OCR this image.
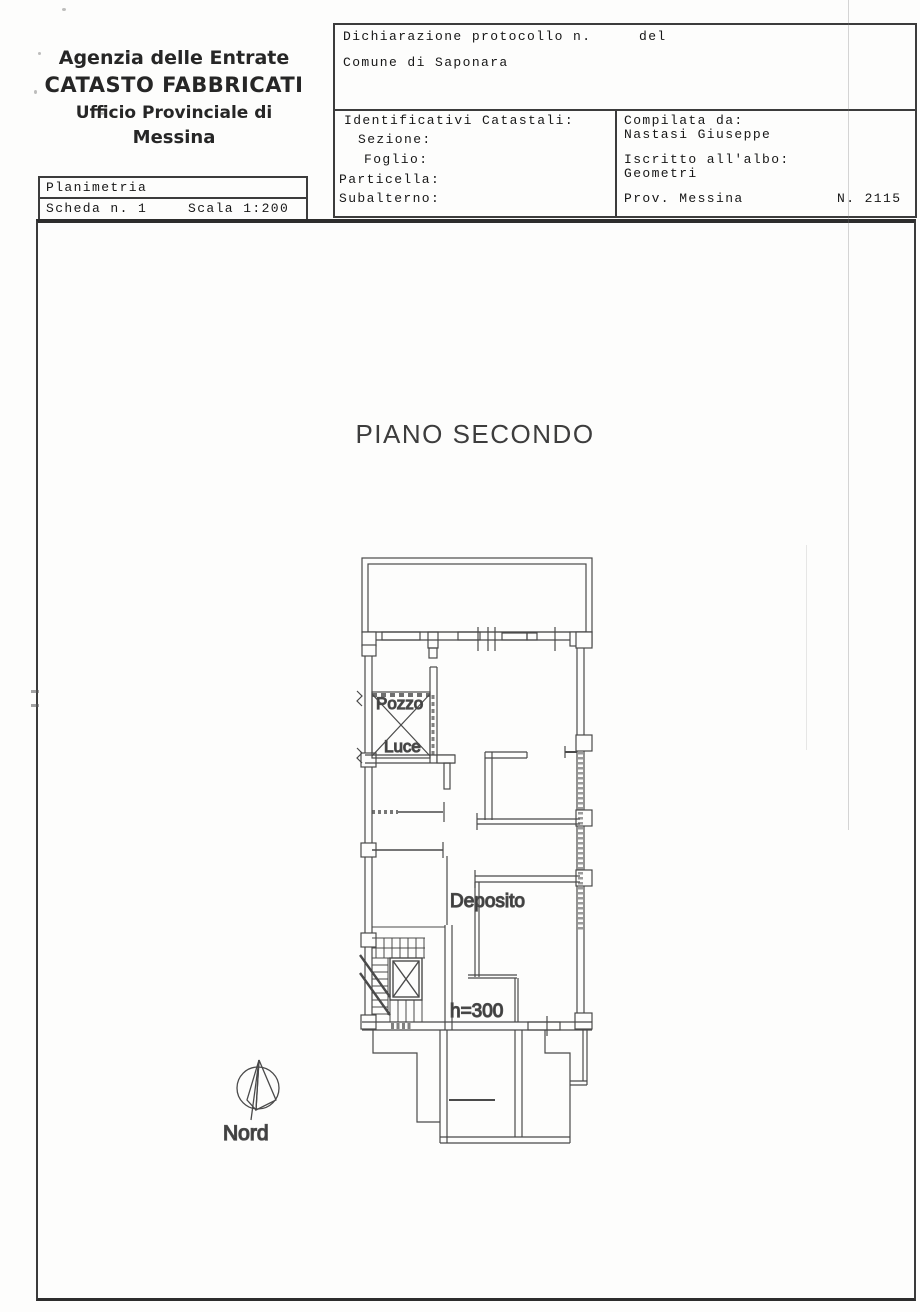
Agenzia delle Entrate
CATASTO FABBRICATI
Ufficio Provinciale di
Messina
Planimetria
Scheda n. 1	Scala 1:200
Dichiarazione protocollo n.	del
Comune di Saponara
Identificativi Catastali:
Sezione:
Foglio:
Particella:
Subalterno:
Compilata da:
Nastasi Giuseppe
Iscritto all'albo:
Geometri
Prov. Messina	N. 2115
PIANO SECONDO
Pozzo
Luce
Deposito
h=300
Nord
